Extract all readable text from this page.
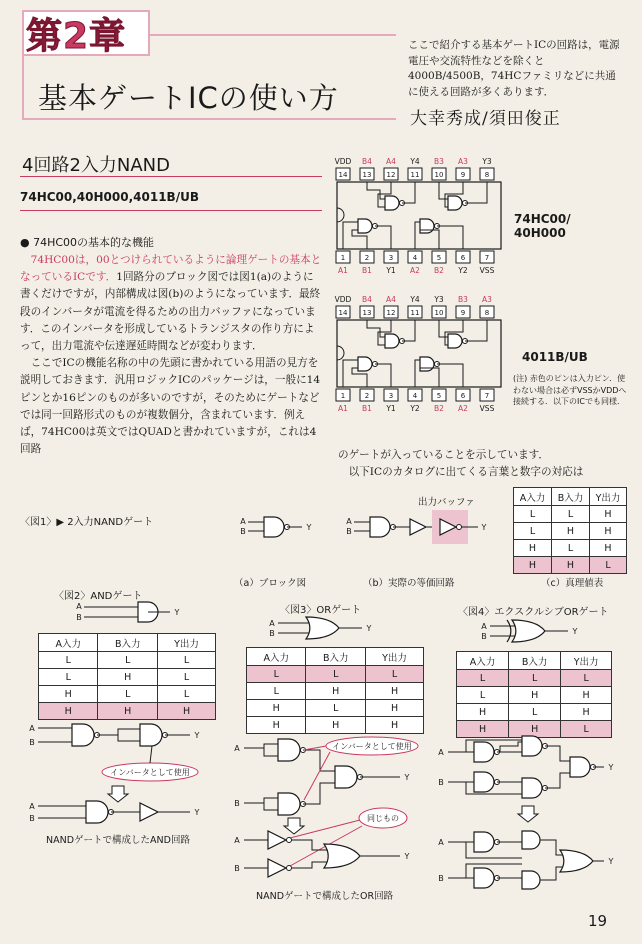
第2章
基本ゲートICの使い方
ここで紹介する基本ゲートICの回路は，電源電圧や交流特性などを除くと4000B/4500B，74HCファミリなどに共通に使える回路が多くあります．
大幸秀成/須田俊正
4回路2入力NAND
74HC00,40H000,4011B/UB
● 74HC00の基本的な機能

74HC00は，00とつけられているように論理ゲートの基本となっているICです．1回路分のブロック図では図1(a)のように書くだけですが，内部構成は図(b)のようになっています．最終段のインバータが電流を得るための出力バッファになっています．このインバータを形成しているトランジスタの作り方によって，出力電流や伝達遅延時間などが変わります．

ここでICの機能名称の中の先頭に書かれている用語の見方を説明しておきます．汎用ロジックICのパッケージは，一般に14ピンとか16ピンのものが多いのですが，そのためにゲートなどでは同一回路形式のものが複数個分，含まれています．例えば，74HC00は英文ではQUADと書かれていますが，これは4回路	のゲートが入っていることを示しています．
以下ICのカタログに出てくる言葉と数字の対応は
74HC00/
40H000
4011B/UB
(注) 赤色のピンは入力ピン．使わない場合は必ずVSSかVDDへ接続する．以下のICでも同様．
〈図1〉▶ 2入力NANDゲート
（a）ブロック図	（b）実際の等価回路	（c）真理値表
出力バッファ
〈図2〉ANDゲート
〈図3〉ORゲート	〈図4〉エクスクルシブORゲート
NANDゲートで構成したAND回路
NANDゲートで構成したOR回路
A入力	B入力	Y出力
L	L	H
L	H	H
H	L	H
H	H	L
A入力	B入力	Y出力
L	L	L
L	H	L
H	L	L
H	H	H
A入力	B入力	Y出力
L	L	L
L	H	H
H	L	H
H	H	H
A入力	B入力	Y出力
L	L	L
L	H	H
H	L	H
H	H	L
14
1
VDD
A1
13
2
B4
B1
12
3
A4
Y1
11
4
Y4
A2
10
5
B3
B2
9
6
A3
Y2
8
7
Y3
VSS
14
1
VDD
A1
13
2
B4
B1
12
3
A4
Y1
11
4
Y4
Y2
10
5
Y3
B2
9
6
B3
A2
8
7
A3
VSS
A
B	Y
A
B	Y
A
B
Y
A
B
Y
インバータとして使用
A
B
Y
A
B
Y
A
B
Y
インバータとして使用
同じもの
A
B
Y
A
B
Y
A
B
Y
A
B
Y
19
